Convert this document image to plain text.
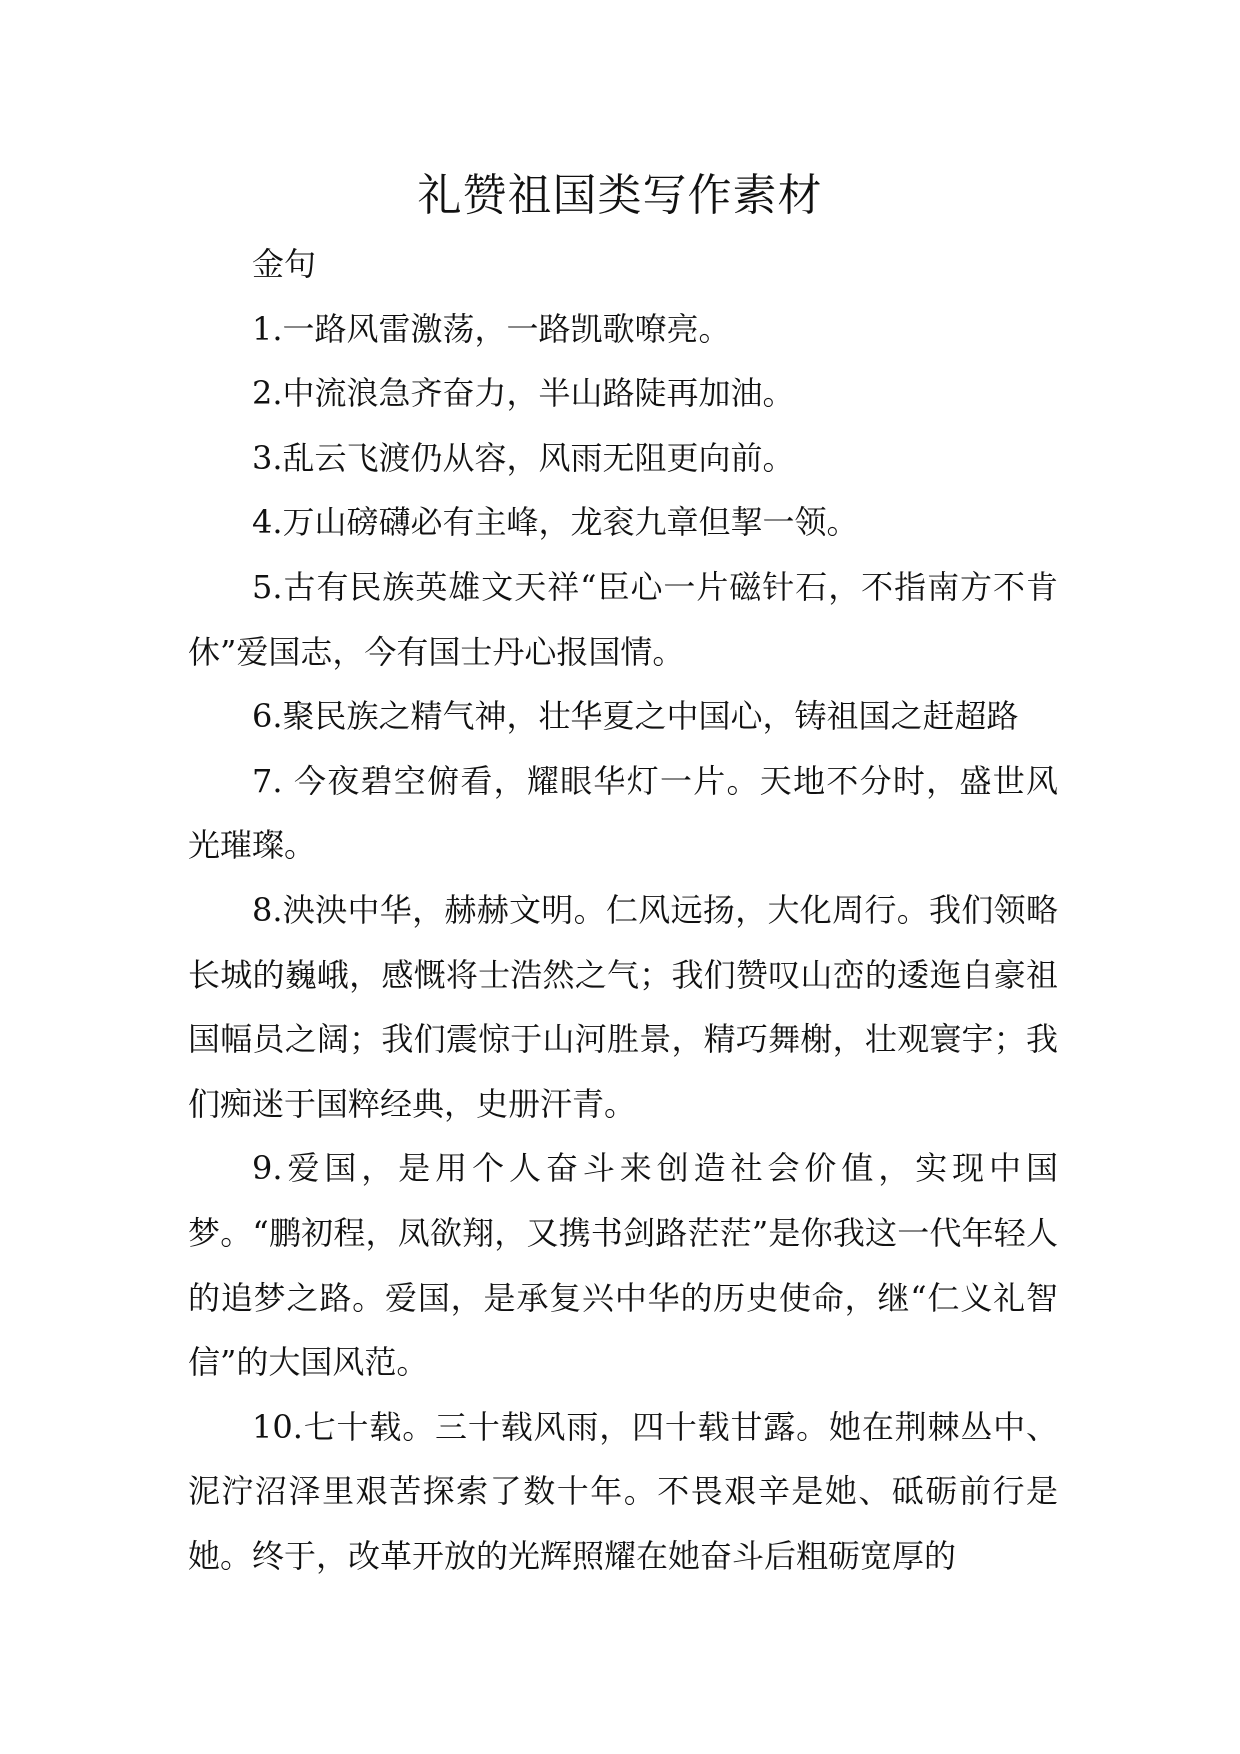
礼赞祖国类写作素材
金句

1.一路风雷激荡，一路凯歌嘹亮。

2.中流浪急齐奋力，半山路陡再加油。

3.乱云飞渡仍从容，风雨无阻更向前。

4.万山磅礴必有主峰，龙衮九章但挈一领。

5.古有民族英雄文天祥“臣心一片磁针石，不指南方不肯休”爱国志，今有国士丹心报国情。

6.聚民族之精气神，壮华夏之中国心，铸祖国之赶超路

7. 今夜碧空俯看，耀眼华灯一片。天地不分时，盛世风光璀璨。

8.泱泱中华，赫赫文明。仁风远扬，大化周行。我们领略长城的巍峨，感慨将士浩然之气；我们赞叹山峦的逶迤自豪祖国幅员之阔；我们震惊于山河胜景，精巧舞榭，壮观寰宇；我们痴迷于国粹经典，史册汗青。

9.爱国，是用个人奋斗来创造社会价值，实现中国梦。“鹏初程，凤欲翔，又携书剑路茫茫”是你我这一代年轻人的追梦之路。爱国，是承复兴中华的历史使命，继“仁义礼智信”的大国风范。

10.七十载。三十载风雨，四十载甘露。她在荆棘丛中、泥泞沼泽里艰苦探索了数十年。不畏艰辛是她、砥砺前行是她。终于，改革开放的光辉照耀在她奋斗后粗砺宽厚的
